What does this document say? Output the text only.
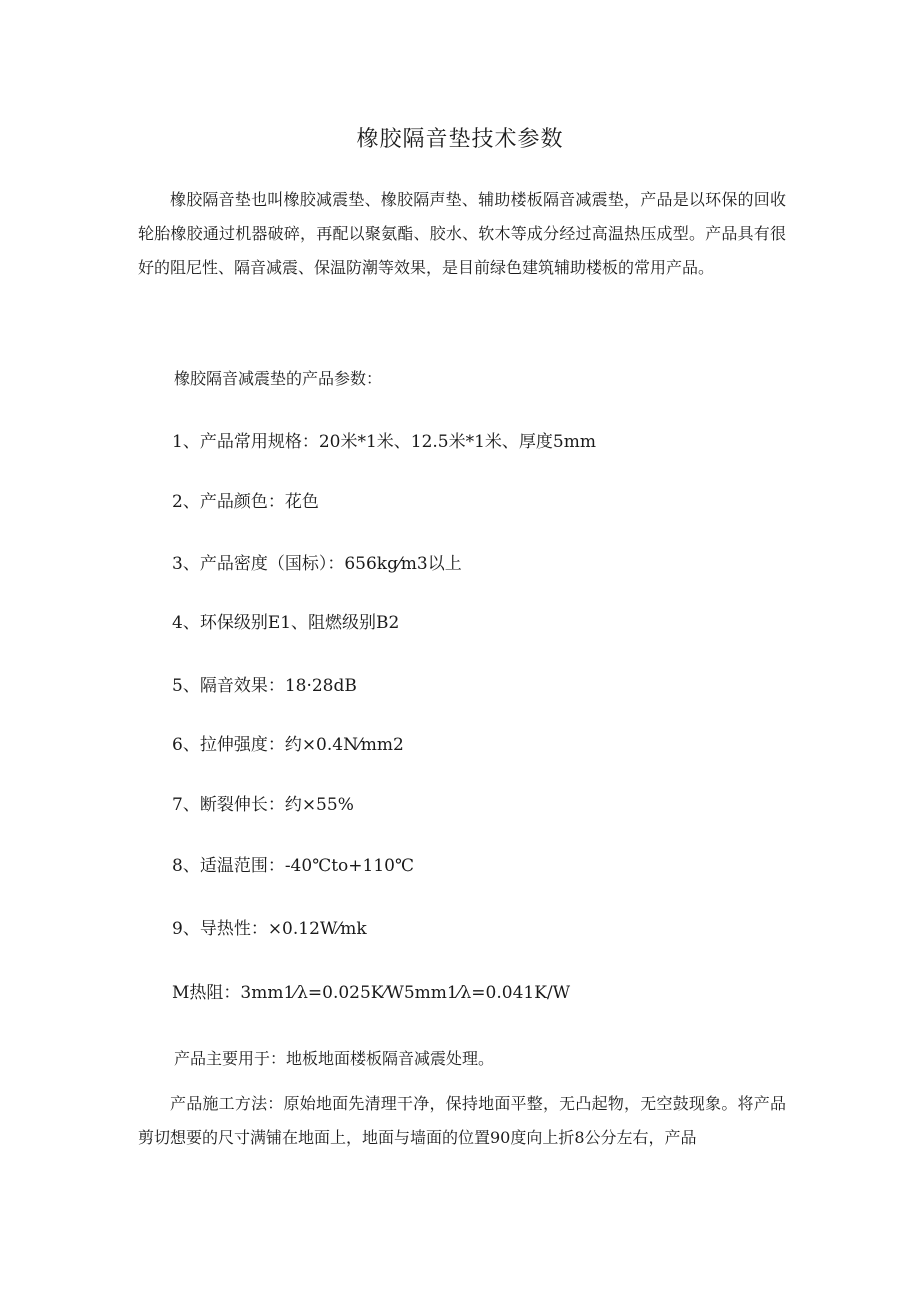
橡胶隔音垫技术参数

橡胶隔音垫也叫橡胶减震垫、橡胶隔声垫、辅助楼板隔音减震垫，产品是以环保的回收轮胎橡胶通过机器破碎，再配以聚氨酯、胶水、软木等成分经过高温热压成型。产品具有很好的阻尼性、隔音减震、保温防潮等效果，是目前绿色建筑辅助楼板的常用产品。

橡胶隔音减震垫的产品参数：

1、产品常用规格：20米*1米、12.5米*1米、厚度5mm

2、产品颜色：花色

3、产品密度（国标）：656kg⁄m3以上

4、环保级别E1、阻燃级别B2

5、隔音效果：18·28dB

6、拉伸强度：约×0.4N⁄mm2

7、断裂伸长：约×55%

8、适温范围：-40℃to+110℃

9、导热性：×0.12W⁄mk

M热阻：3mm1⁄λ=0.025K⁄W5mm1⁄λ=0.041K/W

产品主要用于：地板地面楼板隔音减震处理。

产品施工方法：原始地面先清理干净，保持地面平整，无凸起物，无空鼓现象。将产品剪切想要的尺寸满铺在地面上，地面与墙面的位置90度向上折8公分左右，产品
